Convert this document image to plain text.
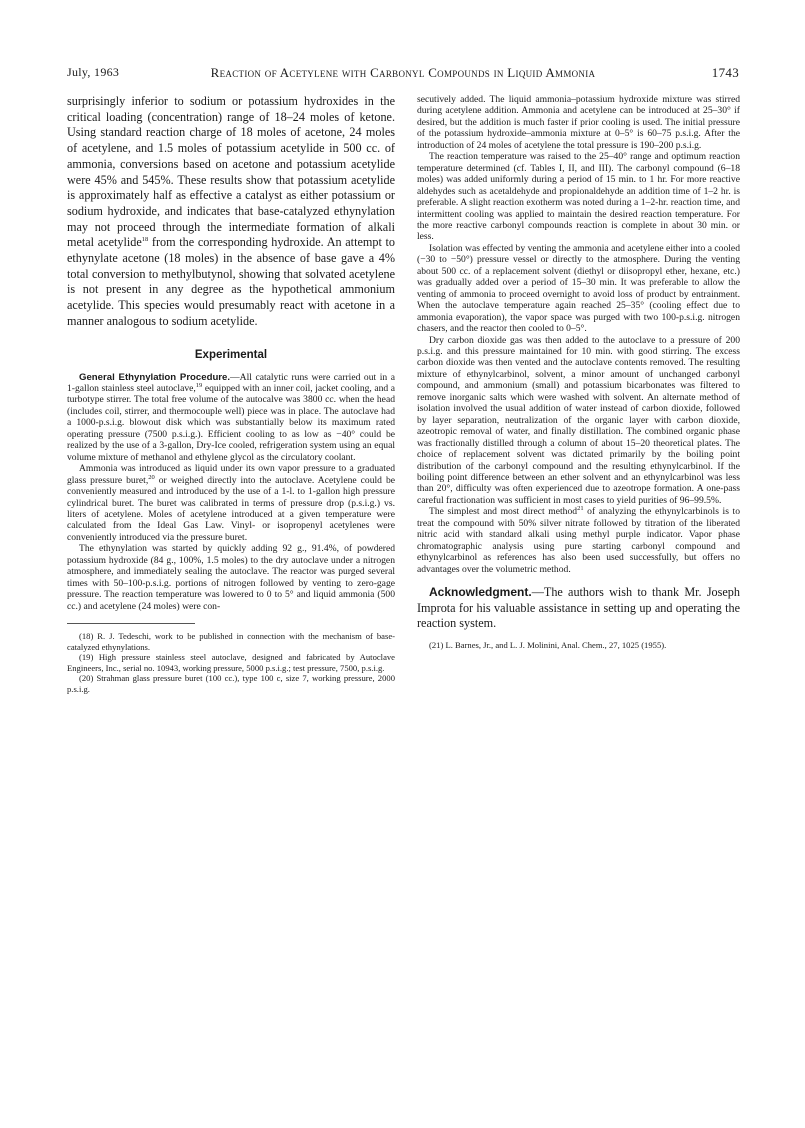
July, 1963	Reaction of Acetylene with Carbonyl Compounds in Liquid Ammonia	1743

surprisingly inferior to sodium or potassium hydroxides in the critical loading (concentration) range of 18–24 moles of ketone. Using standard reaction charge of 18 moles of acetone, 24 moles of acetylene, and 1.5 moles of potassium acetylide in 500 cc. of ammonia, conversions based on acetone and potassium acetylide were 45% and 545%. These results show that potassium acetylide is approximately half as effective a catalyst as either potassium or sodium hydroxide, and indicates that base-catalyzed ethynylation may not proceed through the intermediate formation of alkali metal acetylide$^{18}$ from the corresponding hydroxide. An attempt to ethynylate acetone (18 moles) in the absence of base gave a 4% total conversion to methylbutynol, showing that solvated acetylene is not present in any degree as the hypothetical ammonium acetylide. This species would presumably react with acetone in a manner analogous to sodium acetylide.

Experimental

General Ethynylation Procedure.—All catalytic runs were carried out in a 1-gallon stainless steel autoclave,$^{19}$ equipped with an inner coil, jacket cooling, and a turbotype stirrer. The total free volume of the autocalve was 3800 cc. when the head (includes coil, stirrer, and thermocouple well) piece was in place. The autoclave had a 1000-p.s.i.g. blowout disk which was substantially below its maximum rated operating pressure (7500 p.s.i.g.). Efficient cooling to as low as −40° could be realized by the use of a 3-gallon, Dry-Ice cooled, refrigeration system using an equal volume mixture of methanol and ethylene glycol as the circulatory coolant.

Ammonia was introduced as liquid under its own vapor pressure to a graduated glass pressure buret,$^{20}$ or weighed directly into the autoclave. Acetylene could be conveniently measured and introduced by the use of a 1-l. to 1-gallon high pressure cylindrical buret. The buret was calibrated in terms of pressure drop (p.s.i.g.) vs. liters of acetylene. Moles of acetylene introduced at a given temperature were calculated from the Ideal Gas Law. Vinyl- or isopropenyl acetylenes were conveniently introduced via the pressure buret.

The ethynylation was started by quickly adding 92 g., 91.4%, of powdered potassium hydroxide (84 g., 100%, 1.5 moles) to the dry autoclave under a nitrogen atmosphere, and immediately sealing the autoclave. The reactor was purged several times with 50–100-p.s.i.g. portions of nitrogen followed by venting to zero-gage pressure. The reaction temperature was lowered to 0 to 5° and liquid ammonia (500 cc.) and acetylene (24 moles) were con-

(18) R. J. Tedeschi, work to be published in connection with the mechanism of base-catalyzed ethynylations.

(19) High pressure stainless steel autoclave, designed and fabricated by Autoclave Engineers, Inc., serial no. 10943, working pressure, 5000 p.s.i.g.; test pressure, 7500, p.s.i.g.

(20) Strahman glass pressure buret (100 cc.), type 100 c, size 7, working pressure, 2000 p.s.i.g.

secutively added. The liquid ammonia–potassium hydroxide mixture was stirred during acetylene addition. Ammonia and acetylene can be introduced at 25–30° if desired, but the addition is much faster if prior cooling is used. The initial pressure of the potassium hydroxide–ammonia mixture at 0–5° is 60–75 p.s.i.g. After the introduction of 24 moles of acetylene the total pressure is 190–200 p.s.i.g.

The reaction temperature was raised to the 25–40° range and optimum reaction temperature determined (cf. Tables I, II, and III). The carbonyl compound (6–18 moles) was added uniformly during a period of 15 min. to 1 hr. For more reactive aldehydes such as acetaldehyde and propionaldehyde an addition time of 1–2 hr. is preferable. A slight reaction exotherm was noted during a 1–2-hr. reaction time, and intermittent cooling was applied to maintain the desired reaction temperature. For the more reactive carbonyl compounds reaction is complete in about 30 min. or less.

Isolation was effected by venting the ammonia and acetylene either into a cooled (−30 to −50°) pressure vessel or directly to the atmosphere. During the venting about 500 cc. of a replacement solvent (diethyl or diisopropyl ether, hexane, etc.) was gradually added over a period of 15–30 min. It was preferable to allow the venting of ammonia to proceed overnight to avoid loss of product by entrainment. When the autoclave temperature again reached 25–35° (cooling effect due to ammonia evaporation), the vapor space was purged with two 100-p.s.i.g. nitrogen chasers, and the reactor then cooled to 0–5°.

Dry carbon dioxide gas was then added to the autoclave to a pressure of 200 p.s.i.g. and this pressure maintained for 10 min. with good stirring. The excess carbon dioxide was then vented and the autoclave contents removed. The resulting mixture of ethynylcarbinol, solvent, a minor amount of unchanged carbonyl compound, and ammonium (small) and potassium bicarbonates was filtered to remove inorganic salts which were washed with solvent. An alternate method of isolation involved the usual addition of water instead of carbon dioxide, followed by layer separation, neutralization of the organic layer with carbon dioxide, azeotropic removal of water, and finally distillation. The combined organic phase was fractionally distilled through a column of about 15–20 theoretical plates. The choice of replacement solvent was dictated primarily by the boiling point distribution of the carbonyl compound and the resulting ethynylcarbinol. If the boiling point difference between an ether solvent and an ethynylcarbinol was less than 20°, difficulty was often experienced due to azeotrope formation. A one-pass careful fractionation was sufficient in most cases to yield purities of 96–99.5%.

The simplest and most direct method$^{21}$ of analyzing the ethynylcarbinols is to treat the compound with 50% silver nitrate followed by titration of the liberated nitric acid with standard alkali using methyl purple indicator. Vapor phase chromatographic analysis using pure starting carbonyl compound and ethynylcarbinol as references has also been used successfully, but offers no advantages over the volumetric method.

Acknowledgment.—The authors wish to thank Mr. Joseph Improta for his valuable assistance in setting up and operating the reaction system.

(21) L. Barnes, Jr., and L. J. Molinini, Anal. Chem., 27, 1025 (1955).
